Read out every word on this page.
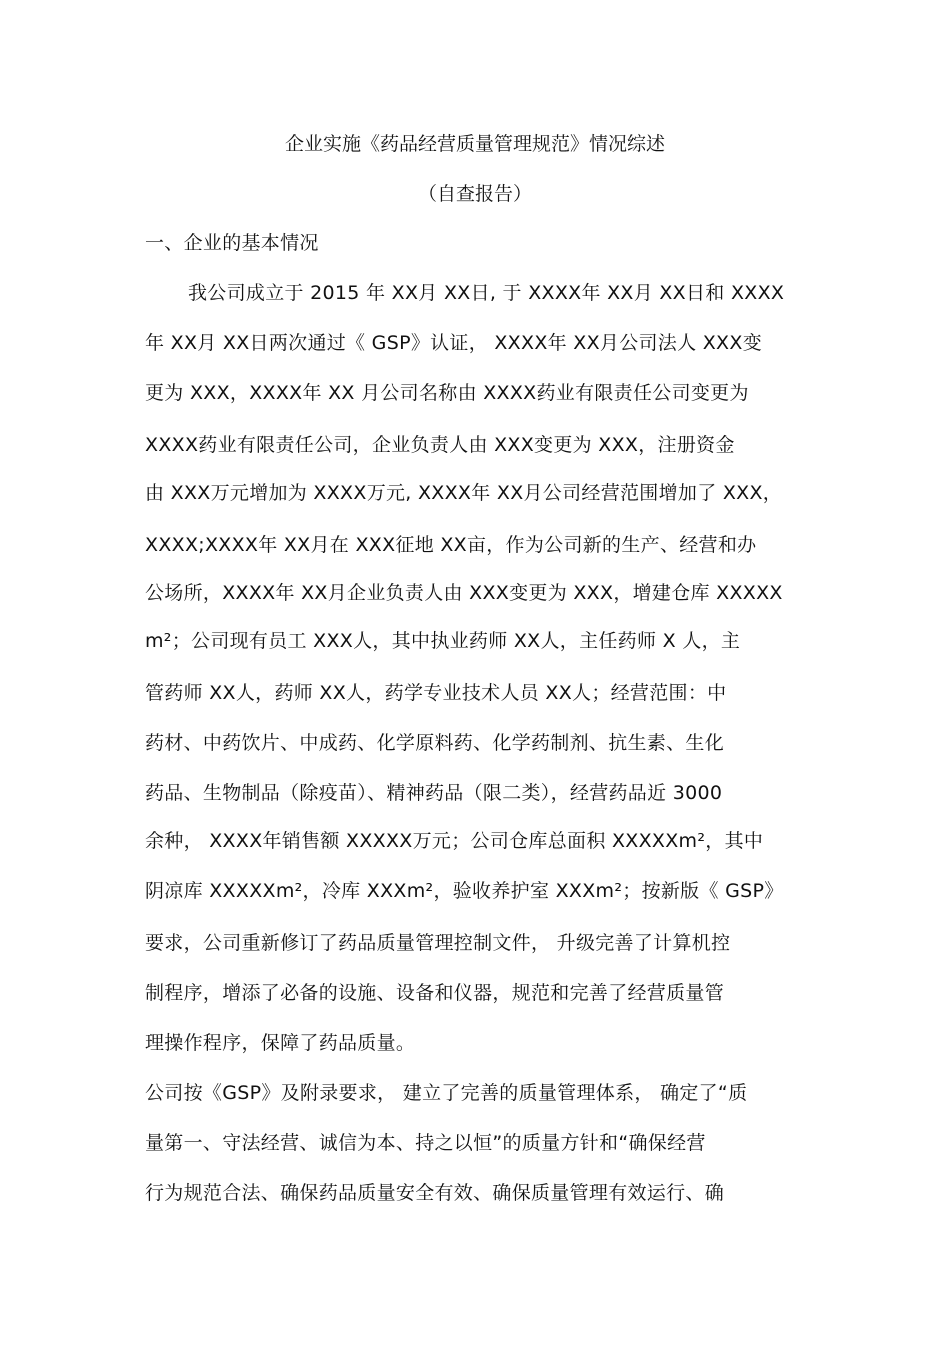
企业实施《药品经营质量管理规范》情况综述
（自查报告）
一、企业的基本情况
我公司成立于 2015 年 XX月 XX日, 于 XXXX年 XX月 XX日和 XXXX
年 XX月 XX日两次通过《 GSP》认证， XXXX年 XX月公司法人 XXX变
更为 XXX，XXXX年 XX 月公司名称由 XXXX药业有限责任公司变更为
XXXX药业有限责任公司，企业负责人由 XXX变更为 XXX，注册资金
由 XXX万元增加为 XXXX万元, XXXX年 XX月公司经营范围增加了 XXX，
XXXX;XXXX年 XX月在 XXX征地 XX亩，作为公司新的生产、经营和办
公场所，XXXX年 XX月企业负责人由 XXX变更为 XXX，增建仓库 XXXXX
m²；公司现有员工 XXX人，其中执业药师 XX人，主任药师 X 人，主
管药师 XX人，药师 XX人，药学专业技术人员 XX人；经营范围：中
药材、中药饮片、中成药、化学原料药、化学药制剂、抗生素、生化
药品、生物制品（除疫苗）、精神药品（限二类），经营药品近 3000
余种， XXXX年销售额 XXXXX万元；公司仓库总面积 XXXXXm²，其中
阴凉库 XXXXXm²，冷库 XXXm²，验收养护室 XXXm²；按新版《 GSP》
要求，公司重新修订了药品质量管理控制文件， 升级完善了计算机控
制程序，增添了必备的设施、设备和仪器，规范和完善了经营质量管
理操作程序，保障了药品质量。
公司按《GSP》及附录要求， 建立了完善的质量管理体系， 确定了“质
量第一、守法经营、诚信为本、持之以恒”的质量方针和“确保经营
行为规范合法、确保药品质量安全有效、确保质量管理有效运行、确
